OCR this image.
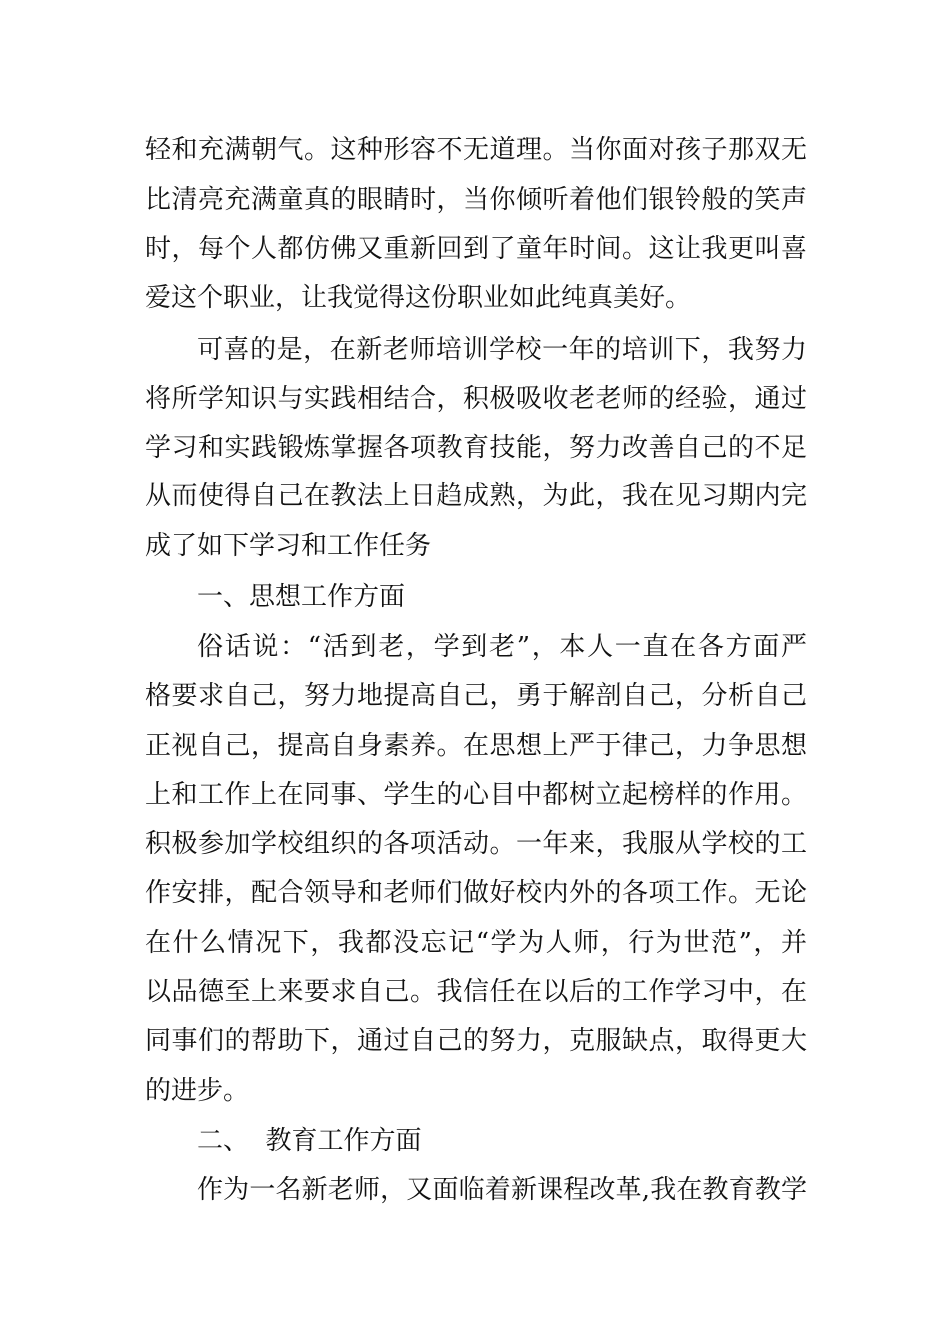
轻和充满朝气。这种形容不无道理。当你面对孩子那双无
比清亮充满童真的眼睛时，当你倾听着他们银铃般的笑声
时，每个人都仿佛又重新回到了童年时间。这让我更叫喜
爱这个职业，让我觉得这份职业如此纯真美好。
可喜的是，在新老师培训学校一年的培训下，我努力
将所学知识与实践相结合，积极吸收老老师的经验，通过
学习和实践锻炼掌握各项教育技能，努力改善自己的不足
从而使得自己在教法上日趋成熟，为此，我在见习期内完
成了如下学习和工作任务
一、思想工作方面
俗话说：“活到老，学到老”，本人一直在各方面严
格要求自己，努力地提高自己，勇于解剖自己，分析自己
正视自己，提高自身素养。在思想上严于律己，力争思想
上和工作上在同事、学生的心目中都树立起榜样的作用。
积极参加学校组织的各项活动。一年来，我服从学校的工
作安排，配合领导和老师们做好校内外的各项工作。无论
在什么情况下，我都没忘记“学为人师，行为世范”，并
以品德至上来要求自己。我信任在以后的工作学习中，在
同事们的帮助下，通过自己的努力，克服缺点，取得更大
的进步。
二、  教育工作方面
作为一名新老师，又面临着新课程改革,我在教育教学
